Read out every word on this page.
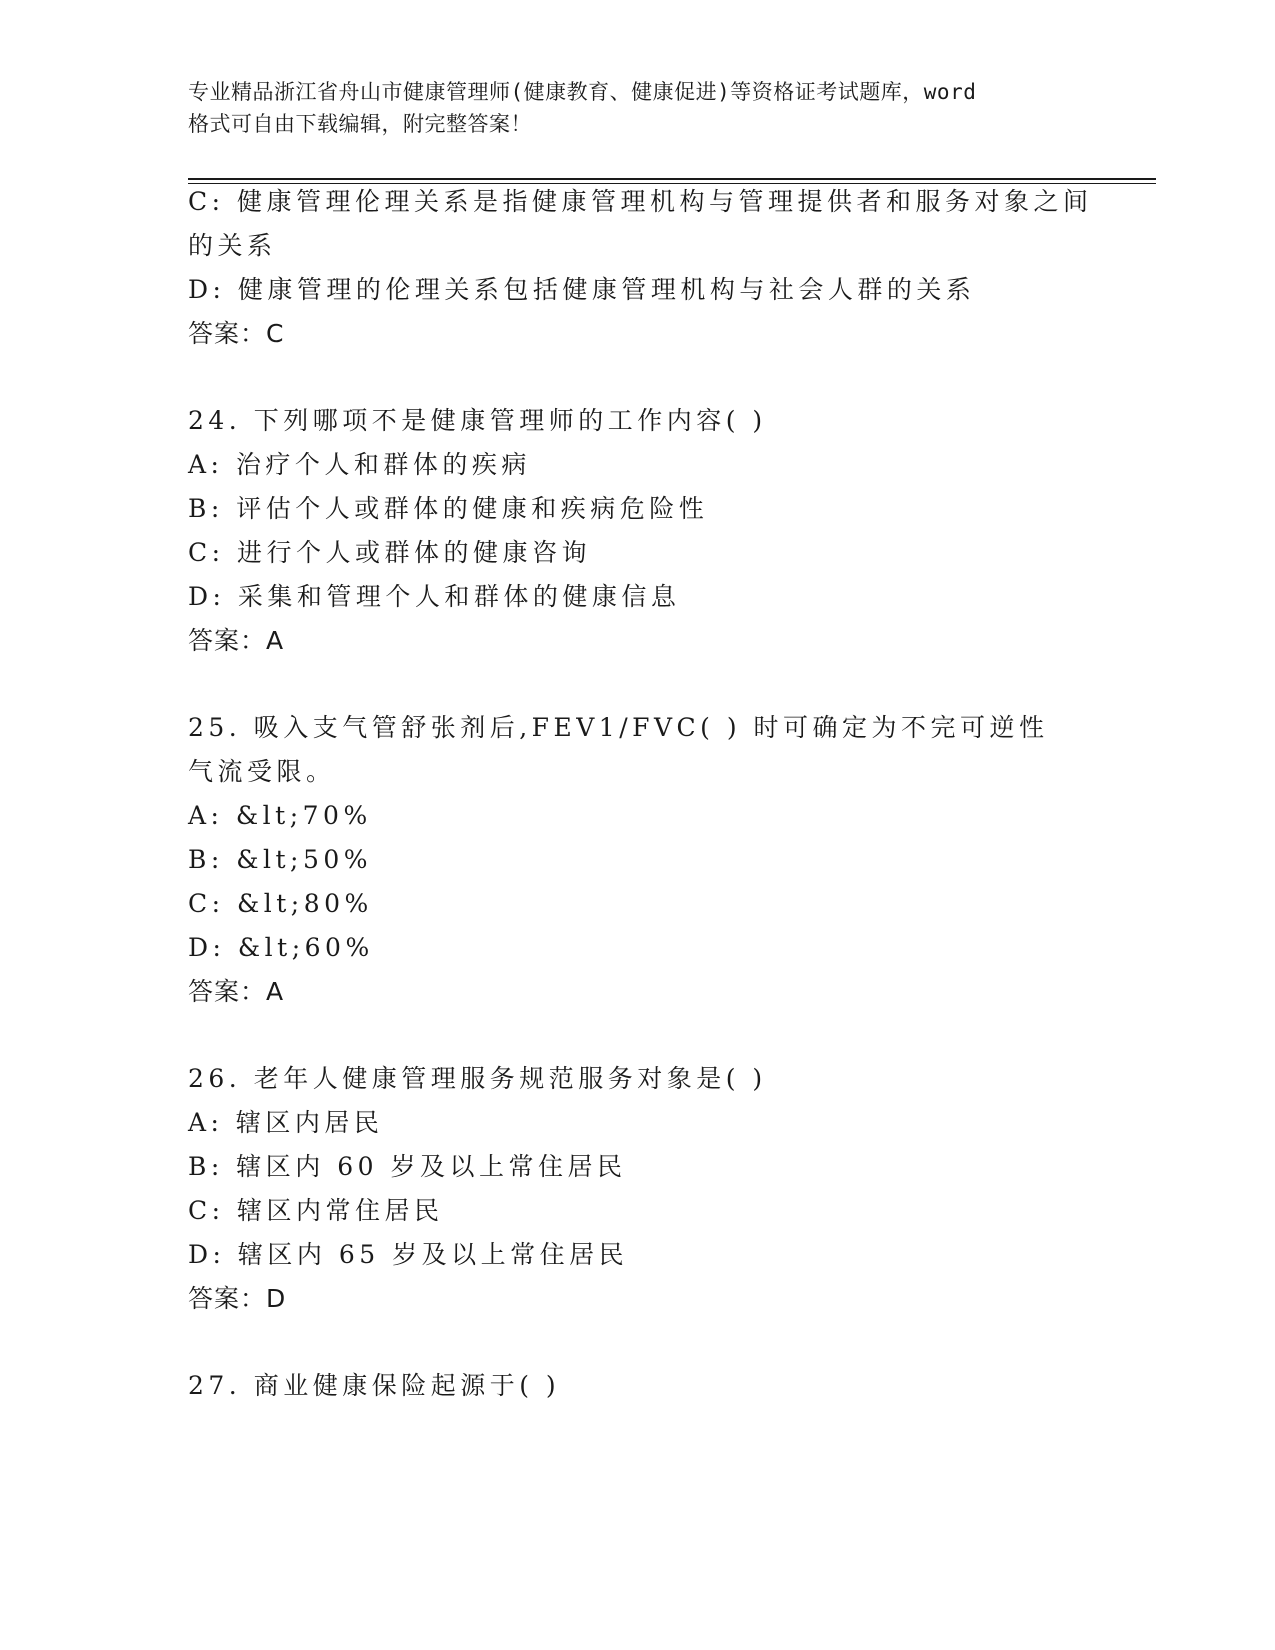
专业精品浙江省舟山市健康管理师(健康教育、健康促进)等资格证考试题库，word
格式可自由下载编辑，附完整答案！
C: 健康管理伦理关系是指健康管理机构与管理提供者和服务对象之间
的关系
D: 健康管理的伦理关系包括健康管理机构与社会人群的关系
答案：C
24. 下列哪项不是健康管理师的工作内容( )
A: 治疗个人和群体的疾病
B: 评估个人或群体的健康和疾病危险性
C: 进行个人或群体的健康咨询
D: 采集和管理个人和群体的健康信息
答案：A
25. 吸入支气管舒张剂后,FEV1/FVC( ) 时可确定为不完可逆性
气流受限。
A: &lt;70%
B: &lt;50%
C: &lt;80%
D: &lt;60%
答案：A
26. 老年人健康管理服务规范服务对象是( )
A: 辖区内居民
B: 辖区内 60 岁及以上常住居民
C: 辖区内常住居民
D: 辖区内 65 岁及以上常住居民
答案：D
27. 商业健康保险起源于( )
